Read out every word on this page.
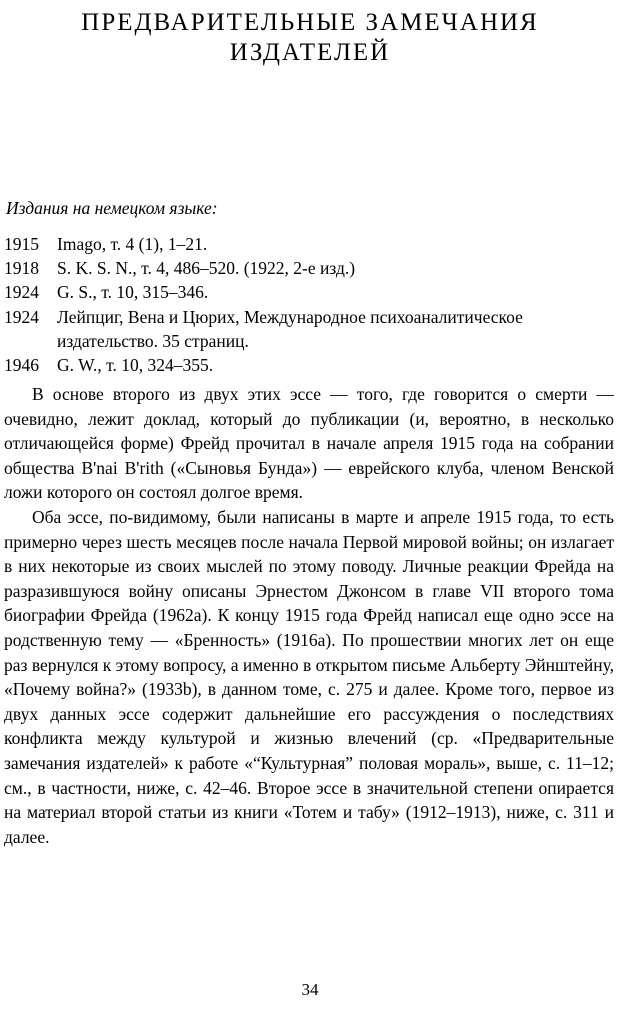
ПРЕДВАРИТЕЛЬНЫЕ ЗАМЕЧАНИЯ
ИЗДАТЕЛЕЙ
Издания на немецком языке:
1915	Imago, т. 4 (1), 1–21.
1918	S. K. S. N., т. 4, 486–520. (1922, 2-е изд.)
1924	G. S., т. 10, 315–346.
1924	Лейпциг, Вена и Цюрих, Международное психоаналитическое издательство. 35 страниц.
1946	G. W., т. 10, 324–355.

В основе второго из двух этих эссе — того, где говорится о смерти — очевидно, лежит доклад, который до публикации (и, вероятно, в несколько отличающейся форме) Фрейд прочитал в начале апреля 1915 года на собрании общества B'nai B'rith («Сыновья Бунда») — еврейского клуба, членом Венской ложи которого он состоял долгое время.

Оба эссе, по-видимому, были написаны в марте и апреле 1915 года, то есть примерно через шесть месяцев после начала Первой мировой войны; он излагает в них некоторые из своих мыслей по этому поводу. Личные реакции Фрейда на разразившуюся войну описаны Эрнестом Джонсом в главе VII второго тома биографии Фрейда (1962a). К концу 1915 года Фрейд написал еще одно эссе на родственную тему — «Бренность» (1916a). По прошествии многих лет он еще раз вернулся к этому вопросу, а именно в открытом письме Альберту Эйнштейну, «Почему война?» (1933b), в данном томе, с. 275 и далее. Кроме того, первое из двух данных эссе содержит дальнейшие его рассуждения о последствиях конфликта между культурой и жизнью влечений (ср. «Предварительные замечания издателей» к работе «“Культурная” половая мораль», выше, с. 11–12; см., в частности, ниже, с. 42–46. Второе эссе в значительной степени опирается на материал второй статьи из книги «Тотем и табу» (1912–1913), ниже, с. 311 и далее.

34
